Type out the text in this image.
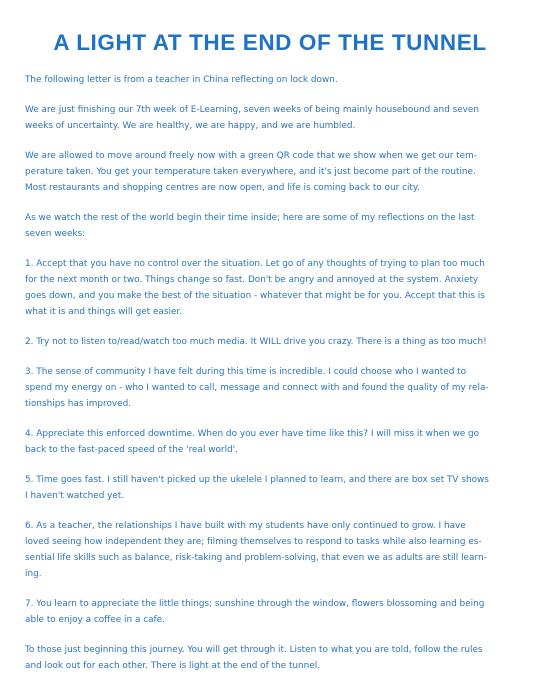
A LIGHT AT THE END OF THE TUNNEL

The following letter is from a teacher in China reflecting on lock down.

We are just finishing our 7th week of E-Learning, seven weeks of being mainly housebound and seven
weeks of uncertainty. We are healthy, we are happy, and we are humbled.

We are allowed to move around freely now with a green QR code that we show when we get our tem-
perature taken. You get your temperature taken everywhere, and it's just become part of the routine.
Most restaurants and shopping centres are now open, and life is coming back to our city.

As we watch the rest of the world begin their time inside; here are some of my reflections on the last
seven weeks:

1. Accept that you have no control over the situation. Let go of any thoughts of trying to plan too much
for the next month or two. Things change so fast. Don't be angry and annoyed at the system. Anxiety
goes down, and you make the best of the situation - whatever that might be for you. Accept that this is
what it is and things will get easier.

2. Try not to listen to/read/watch too much media. It WILL drive you crazy. There is a thing as too much!

3. The sense of community I have felt during this time is incredible. I could choose who I wanted to
spend my energy on - who I wanted to call, message and connect with and found the quality of my rela-
tionships has improved.

4. Appreciate this enforced downtime. When do you ever have time like this? I will miss it when we go
back to the fast-paced speed of the 'real world'.

5. Time goes fast. I still haven't picked up the ukelele I planned to learn, and there are box set TV shows
I haven't watched yet.

6. As a teacher, the relationships I have built with my students have only continued to grow. I have
loved seeing how independent they are; filming themselves to respond to tasks while also learning es-
sential life skills such as balance, risk-taking and problem-solving, that even we as adults are still learn-
ing.

7. You learn to appreciate the little things; sunshine through the window, flowers blossoming and being
able to enjoy a coffee in a cafe.

To those just beginning this journey. You will get through it. Listen to what you are told, follow the rules
and look out for each other. There is light at the end of the tunnel.
